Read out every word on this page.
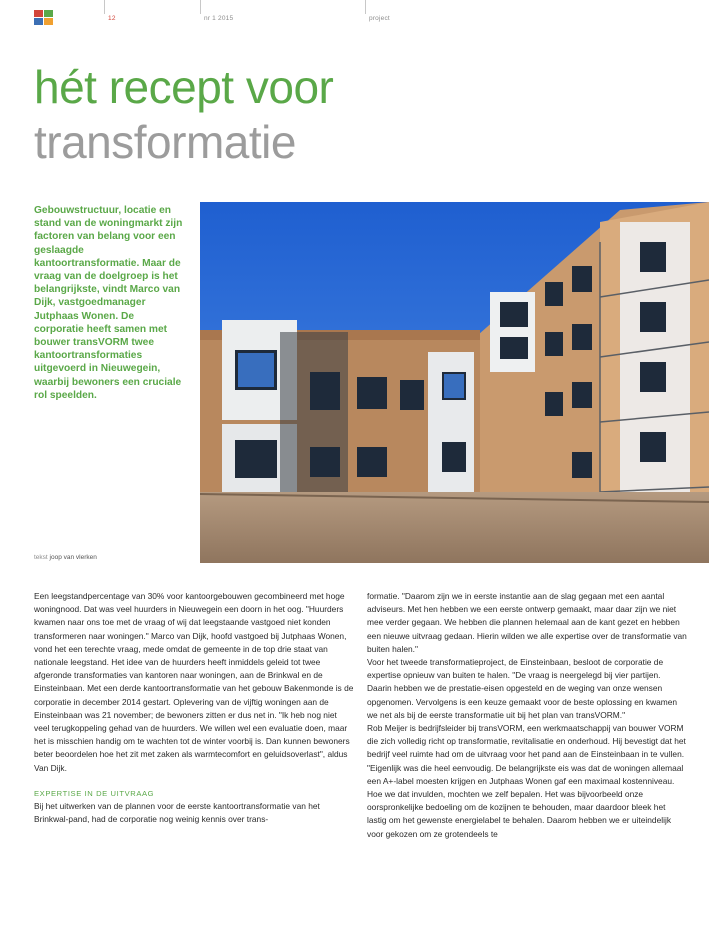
12	nr 1 2015	project
hét recept voor
transformatie
Gebouwstructuur, locatie en stand van de woningmarkt zijn factoren van belang voor een geslaagde kantoortransformatie. Maar de vraag van de doelgroep is het belangrijkste, vindt Marco van Dijk, vastgoedmanager Jutphaas Wonen. De corporatie heeft samen met bouwer transVORM twee kantoortransformaties uitgevoerd in Nieuwegein, waarbij bewoners een cruciale rol speelden.
tekst joop van vlerken

Een leegstandpercentage van 30% voor kantoorgebouwen gecombineerd met hoge woningnood. Dat was veel huurders in Nieuwegein een doorn in het oog. "Huurders kwamen naar ons toe met de vraag of wij dat leegstaande vastgoed niet konden transformeren naar woningen." Marco van Dijk, hoofd vastgoed bij Jutphaas Wonen, vond het een terechte vraag, mede omdat de gemeente in de top drie staat van nationale leegstand. Het idee van de huurders heeft inmiddels geleid tot twee afgeronde transformaties van kantoren naar woningen, aan de Brinkwal en de Einsteinbaan. Met een derde kantoortransformatie van het gebouw Bakenmonde is de corporatie in december 2014 gestart. Oplevering van de vijftig woningen aan de Einsteinbaan was 21 november; de bewoners zitten er dus net in. "Ik heb nog niet veel terugkoppeling gehad van de huurders. We willen wel een evaluatie doen, maar het is misschien handig om te wachten tot de winter voorbij is. Dan kunnen bewoners beter beoordelen hoe het zit met zaken als warmtecomfort en geluidsoverlast", aldus Van Dijk.

EXPERTISE IN DE UITVRAAG

Bij het uitwerken van de plannen voor de eerste kantoortransformatie van het Brinkwal-pand, had de corporatie nog weinig kennis over trans-

formatie. "Daarom zijn we in eerste instantie aan de slag gegaan met een aantal adviseurs. Met hen hebben we een eerste ontwerp gemaakt, maar daar zijn we niet mee verder gegaan. We hebben die plannen helemaal aan de kant gezet en hebben een nieuwe uitvraag gedaan. Hierin wilden we alle expertise over de transformatie van buiten halen."

Voor het tweede transformatieproject, de Einsteinbaan, besloot de corporatie de expertise opnieuw van buiten te halen. "De vraag is neergelegd bij vier partijen. Daarin hebben we de prestatie-eisen opgesteld en de weging van onze wensen opgenomen. Vervolgens is een keuze gemaakt voor de beste oplossing en kwamen we net als bij de eerste transformatie uit bij het plan van transVORM."

Rob Meijer is bedrijfsleider bij transVORM, een werkmaatschappij van bouwer VORM die zich volledig richt op transformatie, revitalisatie en onderhoud. Hij bevestigt dat het bedrijf veel ruimte had om de uitvraag voor het pand aan de Einsteinbaan in te vullen. "Eigenlijk was die heel eenvoudig. De belangrijkste eis was dat de woningen allemaal een A+-label moesten krijgen en Jutphaas Wonen gaf een maximaal kostenniveau. Hoe we dat invulden, mochten we zelf bepalen. Het was bijvoorbeeld onze oorspronkelijke bedoeling om de kozijnen te behouden, maar daardoor bleek het lastig om het gewenste energielabel te behalen. Daarom hebben we er uiteindelijk voor gekozen om ze grotendeels te
